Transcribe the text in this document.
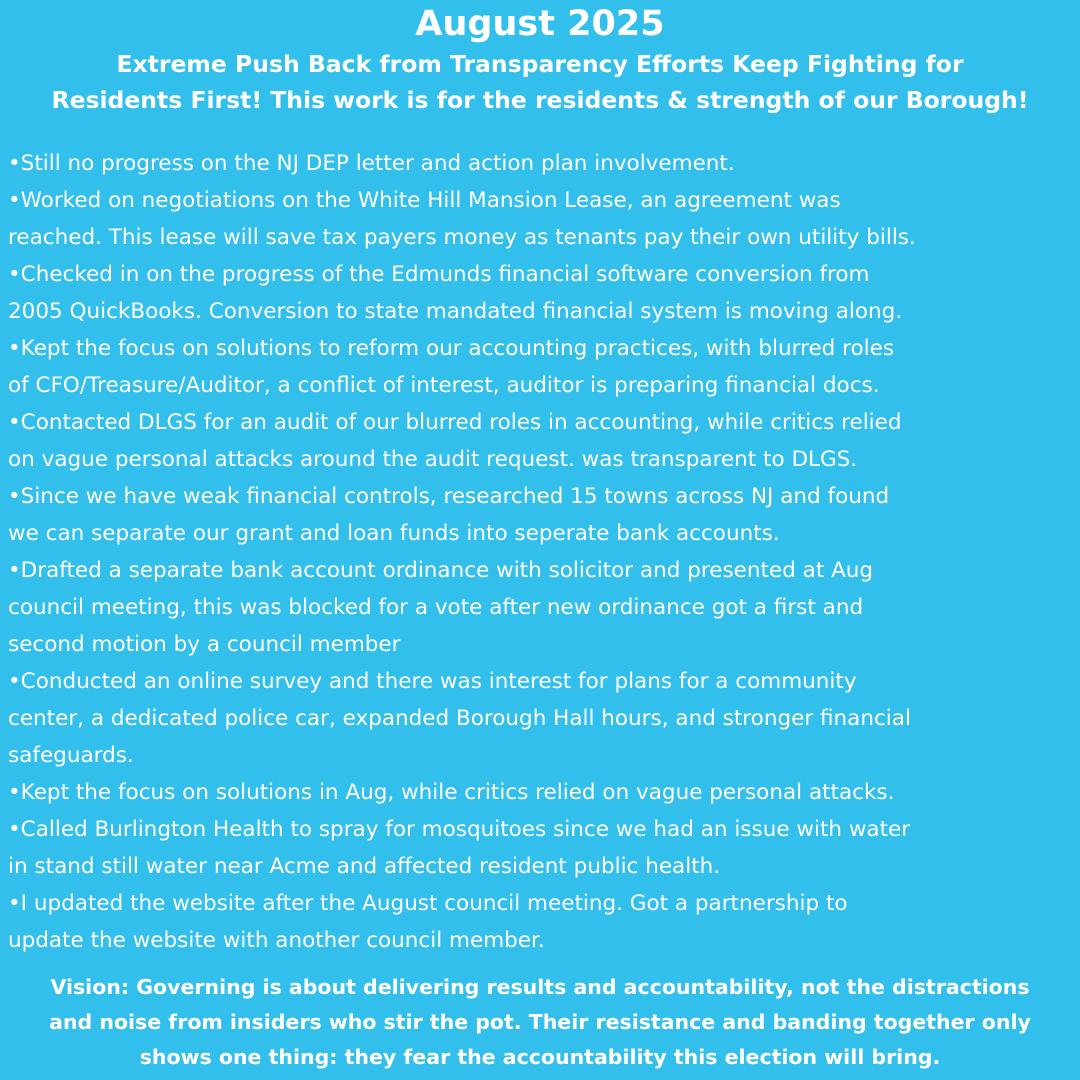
August 2025
Extreme Push Back from Transparency Efforts Keep Fighting for
Residents First! This work is for the residents & strength of our Borough!
•Still no progress on the NJ DEP letter and action plan involvement.
•Worked on negotiations on the White Hill Mansion Lease, an agreement was
reached. This lease will save tax payers money as tenants pay their own utility bills.
•Checked in on the progress of the Edmunds financial software conversion from
2005 QuickBooks. Conversion to state mandated financial system is moving along.
•Kept the focus on solutions to reform our accounting practices, with blurred roles
of CFO/Treasure/Auditor, a conflict of interest, auditor is preparing financial docs.
•Contacted DLGS for an audit of our blurred roles in accounting, while critics relied
on vague personal attacks around the audit request. was transparent to DLGS.
•Since we have weak financial controls, researched 15 towns across NJ and found
we can separate our grant and loan funds into seperate bank accounts.
•Drafted a separate bank account ordinance with solicitor and presented at Aug
council meeting, this was blocked for a vote after new ordinance got a first and
second motion by a council member
•Conducted an online survey and there was interest for plans for a community
center, a dedicated police car, expanded Borough Hall hours, and stronger financial
safeguards.
•Kept the focus on solutions in Aug, while critics relied on vague personal attacks.
•Called Burlington Health to spray for mosquitoes since we had an issue with water
in stand still water near Acme and affected resident public health.
•I updated the website after the August council meeting. Got a partnership to
update the website with another council member.

Vision: Governing is about delivering results and accountability, not the distractions
and noise from insiders who stir the pot. Their resistance and banding together only
shows one thing: they fear the accountability this election will bring.
